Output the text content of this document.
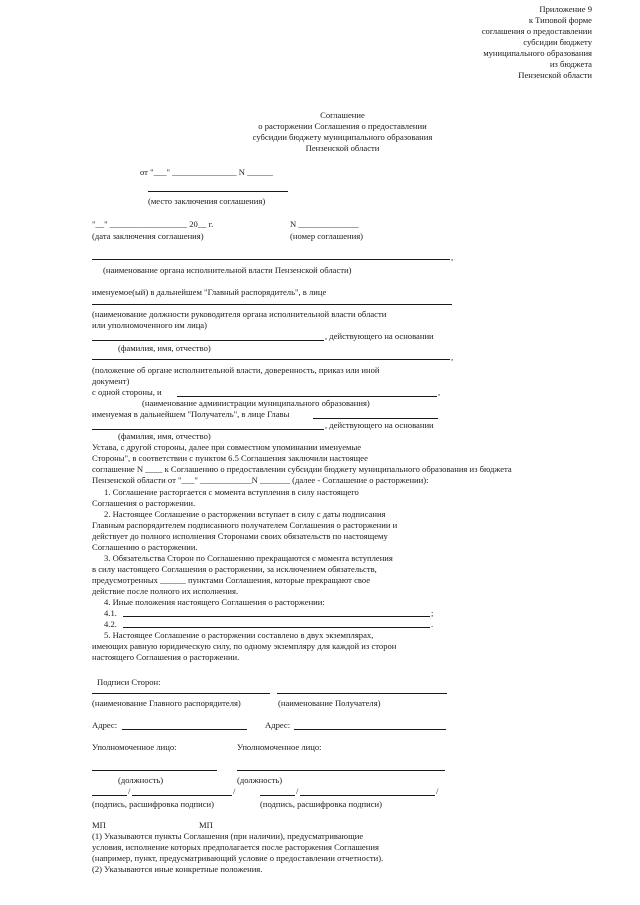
Приложение 9
к Типовой форме
соглашения о предоставлении
субсидии бюджету
муниципального образования
из бюджета
Пензенской области
Соглашение
о расторжении Соглашения о предоставлении
субсидии бюджету муниципального образования
Пензенской области
от "___" _______________ N ______
(место заключения соглашения)
"__" __________________ 20__ г.	N ______________
(дата заключения соглашения)	(номер соглашения)
,
(наименование органа исполнительной власти Пензенской области)
именуемое(ый) в дальнейшем "Главный распорядитель", в лице
(наименование должности руководителя органа исполнительной власти области
или уполномоченного им лица)
, действующего на основании
(фамилия, имя, отчество)
,
(положение об органе исполнительной власти, доверенность, приказ или иной
документ)
с одной стороны, и	,
(наименование администрации муниципального образования)
именуемая в дальнейшем "Получатель", в лице Главы
, действующего на основании
(фамилия, имя, отчество)
Устава, с другой стороны, далее при совместном упоминании именуемые
Стороны", в соответствии с пунктом 6.5 Соглашения заключили настоящее
соглашение N ____ к Соглашению о предоставлении субсидии бюджету муниципального образования из бюджета
Пензенской области от "___" ____________N _______ (далее - Соглашение о расторжении):
1. Соглашение расторгается с момента вступления в силу настоящего
Соглашения о расторжении.
2. Настоящее Соглашение о расторжении вступает в силу с даты подписания
Главным распорядителем подписанного получателем Соглашения о расторжении и
действует до полного исполнения Сторонами своих обязательств по настоящему
Соглашению о расторжении.
3. Обязательства Сторон по Соглашению прекращаются с момента вступления
в силу настоящего Соглашения о расторжении, за исключением обязательств,
предусмотренных ______ пунктами Соглашения, которые прекращают свое
действие после полного их исполнения.
4. Иные положения настоящего Соглашения о расторжении:
4.1.	;
4.2.	.
5. Настоящее Соглашение о расторжении составлено в двух экземплярах,
имеющих равную юридическую силу, по одному экземпляру для каждой из сторон
настоящего Соглашения о расторжении.
Подписи Сторон:
(наименование Главного распорядителя)	(наименование Получателя)
Адрес:	Адрес:
Уполномоченное лицо:	Уполномоченное лицо:
(должность)	(должность)
/	/	/	/
(подпись, расшифровка подписи)	(подпись, расшифровка подписи)
МП	МП
(1) Указываются пункты Соглашения (при наличии), предусматривающие
условия, исполнение которых предполагается после расторжения Соглашения
(например, пункт, предусматривающий условие о предоставлении отчетности).
(2) Указываются иные конкретные положения.
